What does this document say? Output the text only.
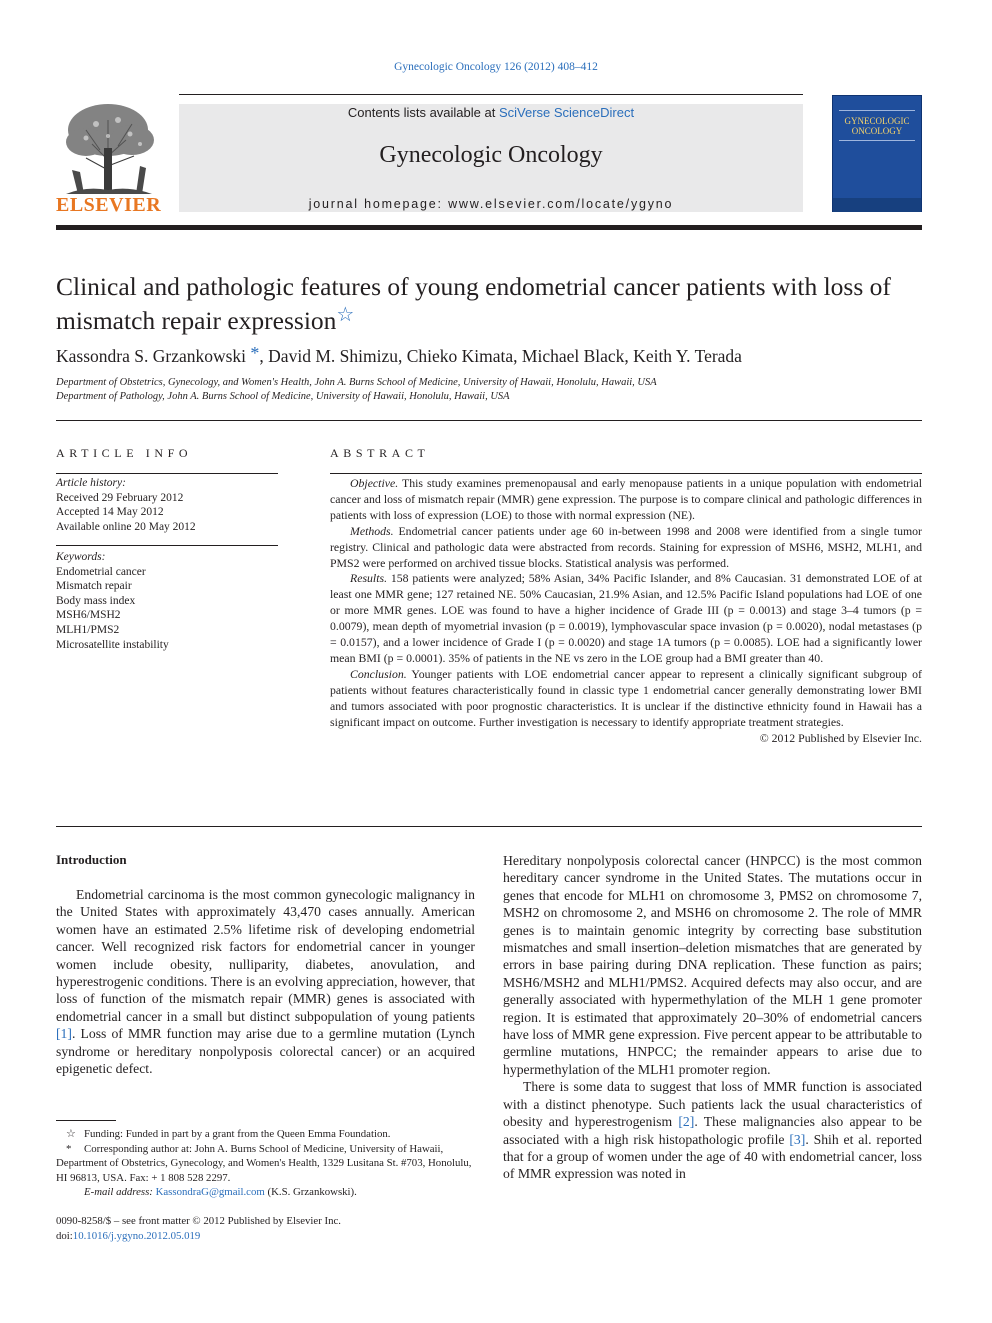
Gynecologic Oncology 126 (2012) 408–412
ELSEVIER
Contents lists available at SciVerse ScienceDirect
Gynecologic Oncology
journal homepage: www.elsevier.com/locate/ygyno
GYNECOLOGIC ONCOLOGY
Clinical and pathologic features of young endometrial cancer patients with loss of mismatch repair expression☆
Kassondra S. Grzankowski *, David M. Shimizu, Chieko Kimata, Michael Black, Keith Y. Terada
Department of Obstetrics, Gynecology, and Women's Health, John A. Burns School of Medicine, University of Hawaii, Honolulu, Hawaii, USA
Department of Pathology, John A. Burns School of Medicine, University of Hawaii, Honolulu, Hawaii, USA
ARTICLE INFO
Article history:
Received 29 February 2012
Accepted 14 May 2012
Available online 20 May 2012
Keywords:
Endometrial cancer
Mismatch repair
Body mass index
MSH6/MSH2
MLH1/PMS2
Microsatellite instability
ABSTRACT

Objective. This study examines premenopausal and early menopause patients in a unique population with endometrial cancer and loss of mismatch repair (MMR) gene expression. The purpose is to compare clinical and pathologic differences in patients with loss of expression (LOE) to those with normal expression (NE).

Methods. Endometrial cancer patients under age 60 in-between 1998 and 2008 were identified from a single tumor registry. Clinical and pathologic data were abstracted from records. Staining for expression of MSH6, MSH2, MLH1, and PMS2 were performed on archived tissue blocks. Statistical analysis was performed.

Results. 158 patients were analyzed; 58% Asian, 34% Pacific Islander, and 8% Caucasian. 31 demonstrated LOE of at least one MMR gene; 127 retained NE. 50% Caucasian, 21.9% Asian, and 12.5% Pacific Island populations had LOE of one or more MMR genes. LOE was found to have a higher incidence of Grade III (p = 0.0013) and stage 3–4 tumors (p = 0.0079), mean depth of myometrial invasion (p = 0.0019), lymphovascular space invasion (p = 0.0020), nodal metastases (p = 0.0157), and a lower incidence of Grade I (p = 0.0020) and stage 1A tumors (p = 0.0085). LOE had a significantly lower mean BMI (p = 0.0001). 35% of patients in the NE vs zero in the LOE group had a BMI greater than 40.

Conclusion. Younger patients with LOE endometrial cancer appear to represent a clinically significant subgroup of patients without features characteristically found in classic type 1 endometrial cancer generally demonstrating lower BMI and tumors associated with poor prognostic characteristics. It is unclear if the distinctive ethnicity found in Hawaii has a significant impact on outcome. Further investigation is necessary to identify appropriate treatment strategies.

© 2012 Published by Elsevier Inc.
Introduction

Endometrial carcinoma is the most common gynecologic malignancy in the United States with approximately 43,470 cases annually. American women have an estimated 2.5% lifetime risk of developing endometrial cancer. Well recognized risk factors for endometrial cancer in younger women include obesity, nulliparity, diabetes, anovulation, and hyperestrogenic conditions. There is an evolving appreciation, however, that loss of function of the mismatch repair (MMR) genes is associated with endometrial cancer in a small but distinct subpopulation of young patients [1]. Loss of MMR function may arise due to a germline mutation (Lynch syndrome or hereditary nonpolyposis colorectal cancer) or an acquired epigenetic defect.

Hereditary nonpolyposis colorectal cancer (HNPCC) is the most common hereditary cancer syndrome in the United States. The mutations occur in genes that encode for MLH1 on chromosome 3, PMS2 on chromosome 7, MSH2 on chromosome 2, and MSH6 on chromosome 2. The role of MMR genes is to maintain genomic integrity by correcting base substitution mismatches and small insertion–deletion mismatches that are generated by errors in base pairing during DNA replication. These function as pairs; MSH6/MSH2 and MLH1/PMS2. Acquired defects may also occur, and are generally associated with hypermethylation of the MLH 1 gene promoter region. It is estimated that approximately 20–30% of endometrial cancers have loss of MMR gene expression. Five percent appear to be attributable to germline mutations, HNPCC; the remainder appears to arise due to hypermethylation of the MLH1 promoter region.

There is some data to suggest that loss of MMR function is associated with a distinct phenotype. Such patients lack the usual characteristics of obesity and hyperestrogenism [2]. These malignancies also appear to be associated with a high risk histopathologic profile [3]. Shih et al. reported that for a group of women under the age of 40 with endometrial cancer, loss of MMR expression was noted in

☆ Funding: Funded in part by a grant from the Queen Emma Foundation.

* Corresponding author at: John A. Burns School of Medicine, University of Hawaii, Department of Obstetrics, Gynecology, and Women's Health, 1329 Lusitana St. #703, Honolulu, HI 96813, USA. Fax: + 1 808 528 2297.

E-mail address: KassondraG@gmail.com (K.S. Grzankowski).

0090-8258/$ – see front matter © 2012 Published by Elsevier Inc.
doi:10.1016/j.ygyno.2012.05.019
